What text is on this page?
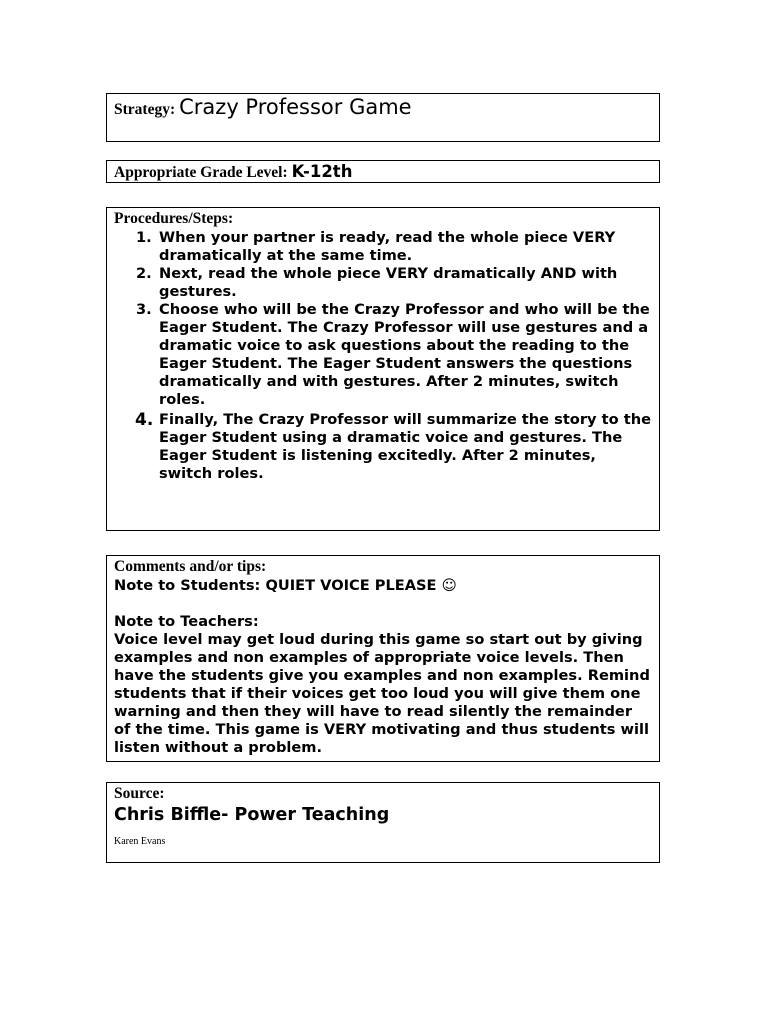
Strategy: Crazy Professor Game
Appropriate Grade Level: K-12th
Procedures/Steps:
1. When your partner is ready, read the whole piece VERY dramatically at the same time.
2. Next, read the whole piece VERY dramatically AND with gestures.
3. Choose who will be the Crazy Professor and who will be the Eager Student. The Crazy Professor will use gestures and a dramatic voice to ask questions about the reading to the Eager Student. The Eager Student answers the questions dramatically and with gestures. After 2 minutes, switch roles.
4. Finally, The Crazy Professor will summarize the story to the Eager Student using a dramatic voice and gestures. The Eager Student is listening excitedly. After 2 minutes, switch roles.
Comments and/or tips:
Note to Students: QUIET VOICE PLEASE ☺
Note to Teachers:
Voice level may get loud during this game so start out by giving examples and non examples of appropriate voice levels. Then have the students give you examples and non examples. Remind students that if their voices get too loud you will give them one warning and then they will have to read silently the remainder of the time. This game is VERY motivating and thus students will listen without a problem.
Source:
Chris Biffle- Power Teaching
Karen Evans
